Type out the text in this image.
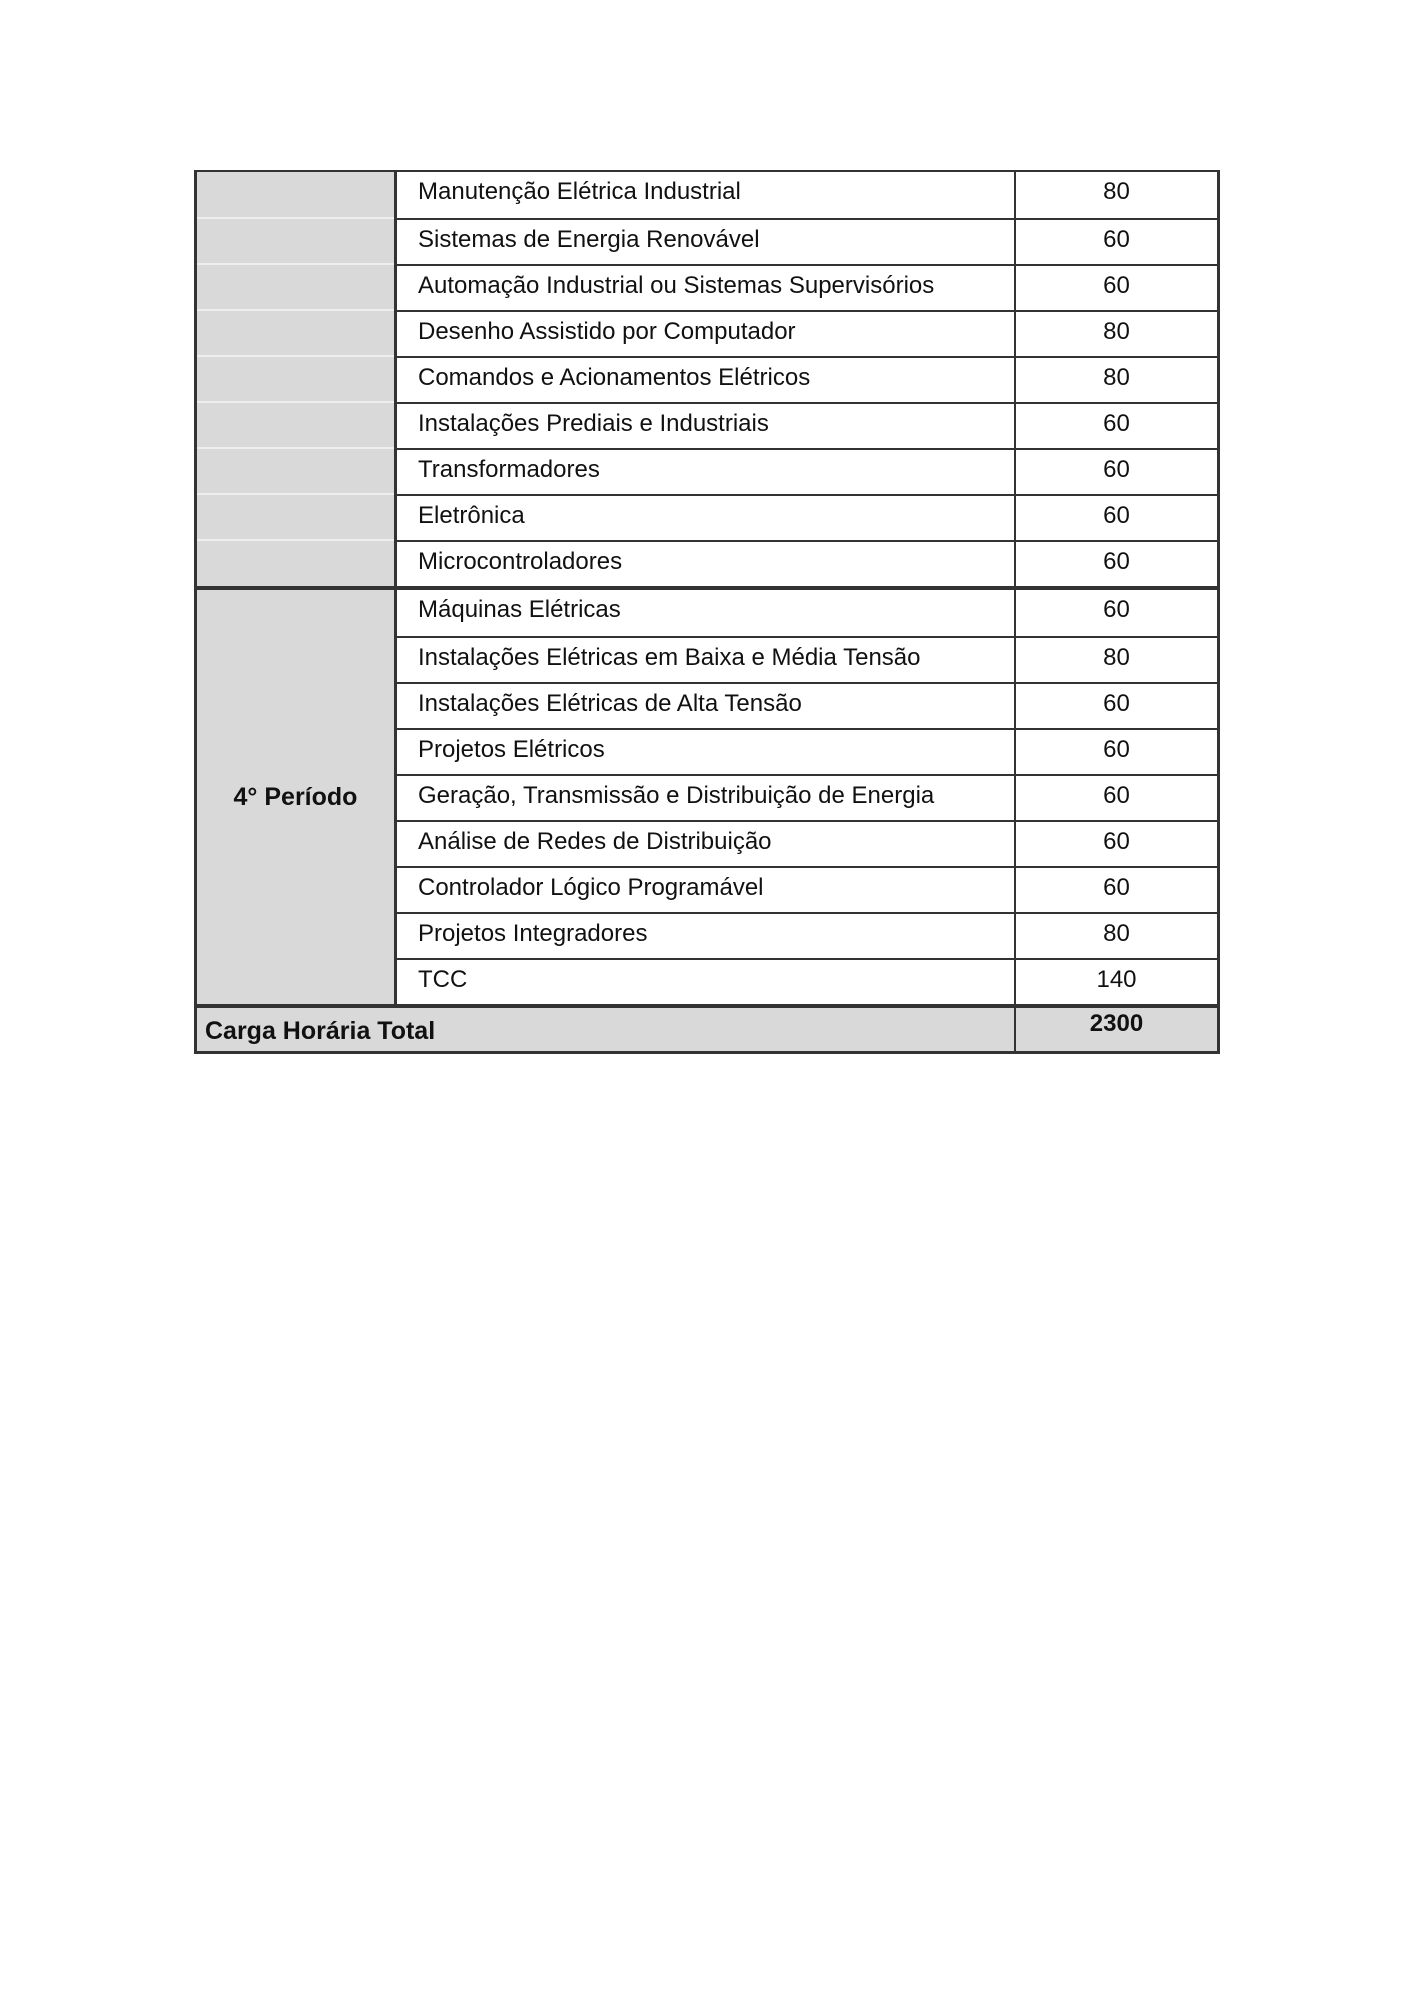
Manutenção Elétrica Industrial	80
Sistemas de Energia Renovável	60
Automação Industrial ou Sistemas Supervisórios	60
Desenho Assistido por Computador	80
Comandos e Acionamentos Elétricos	80
Instalações Prediais e Industriais	60
Transformadores	60
Eletrônica	60
Microcontroladores	60
4° Período
Máquinas Elétricas	60
Instalações Elétricas em Baixa e Média Tensão	80
Instalações Elétricas de Alta Tensão	60
Projetos Elétricos	60
Geração, Transmissão e Distribuição de Energia	60
Análise de Redes de Distribuição	60
Controlador Lógico Programável	60
Projetos Integradores	80
TCC	140
Carga Horária Total	2300
